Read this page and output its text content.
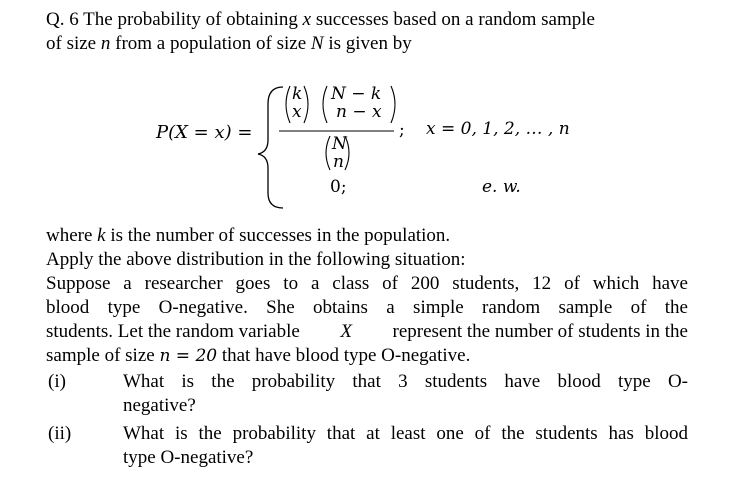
Q. 6 The probability of obtaining x successes based on a random sample
of size n from a population of size N is given by
P(X = x) =
k
x
N − k
n − x
N
n
; x = 0, 1, 2, … , n
0;	e. w.
where k is the number of successes in the population.
Apply the above distribution in the following situation:
Suppose a researcher goes to a class of 200 students, 12 of which have
blood type O-negative. She obtains a simple random sample of the
students. Let the random variable X represent the number of students in the
sample of size n = 20 that have blood type O-negative.
(i)	What is the probability that 3 students have blood type O-
negative?
(ii)	What is the probability that at least one of the students has blood
type O-negative?
